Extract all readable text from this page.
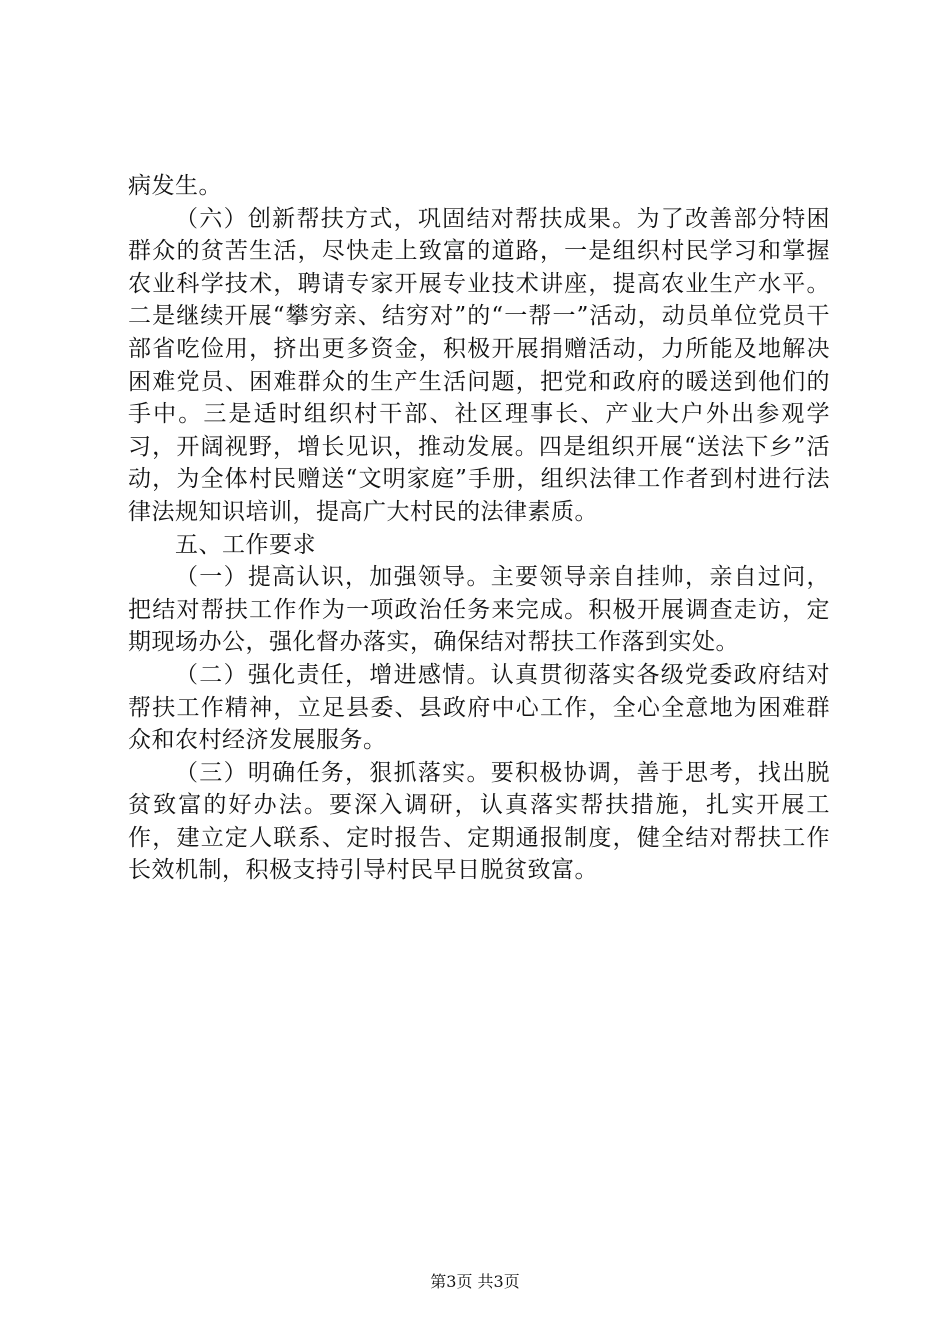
病发生。

（六）创新帮扶方式，巩固结对帮扶成果。为了改善部分特困群众的贫苦生活，尽快走上致富的道路，一是组织村民学习和掌握农业科学技术，聘请专家开展专业技术讲座，提高农业生产水平。二是继续开展“攀穷亲、结穷对”的“一帮一”活动，动员单位党员干部省吃俭用，挤出更多资金，积极开展捐赠活动，力所能及地解决困难党员、困难群众的生产生活问题，把党和政府的暖送到他们的手中。三是适时组织村干部、社区理事长、产业大户外出参观学习，开阔视野，增长见识，推动发展。四是组织开展“送法下乡”活动，为全体村民赠送“文明家庭”手册，组织法律工作者到村进行法律法规知识培训，提高广大村民的法律素质。

五、工作要求

（一）提高认识，加强领导。主要领导亲自挂帅，亲自过问，把结对帮扶工作作为一项政治任务来完成。积极开展调查走访，定期现场办公，强化督办落实，确保结对帮扶工作落到实处。

（二）强化责任，增进感情。认真贯彻落实各级党委政府结对帮扶工作精神，立足县委、县政府中心工作，全心全意地为困难群众和农村经济发展服务。

（三）明确任务，狠抓落实。要积极协调，善于思考，找出脱贫致富的好办法。要深入调研，认真落实帮扶措施，扎实开展工作，建立定人联系、定时报告、定期通报制度，健全结对帮扶工作长效机制，积极支持引导村民早日脱贫致富。

第3页 共3页
